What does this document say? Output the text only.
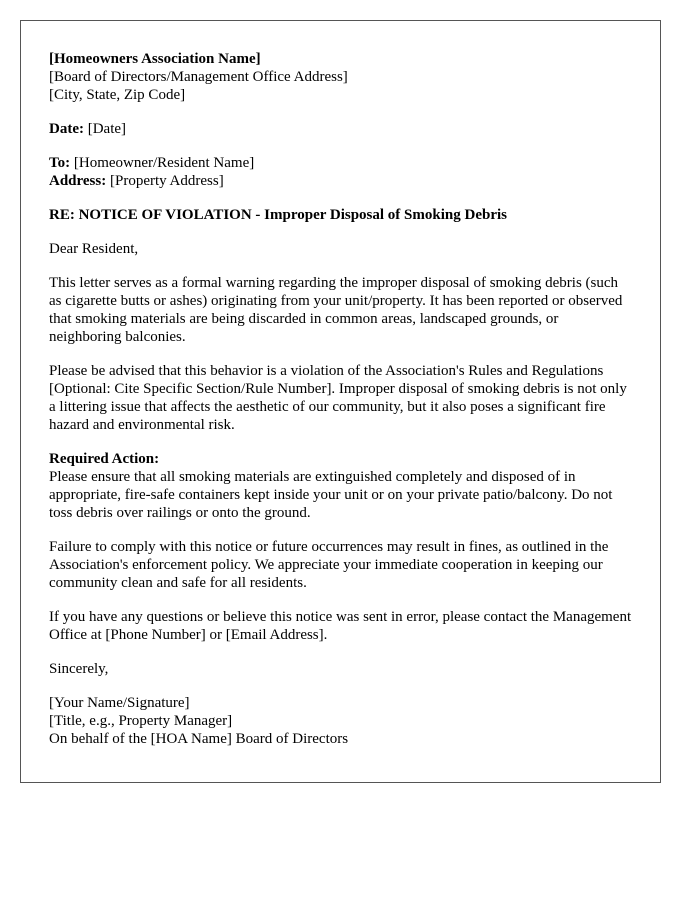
[Homeowners Association Name]
[Board of Directors/Management Office Address]
[City, State, Zip Code]
Date: [Date]
To: [Homeowner/Resident Name]
Address: [Property Address]
RE: NOTICE OF VIOLATION - Improper Disposal of Smoking Debris
Dear Resident,
This letter serves as a formal warning regarding the improper disposal of smoking debris (such as cigarette butts or ashes) originating from your unit/property. It has been reported or observed that smoking materials are being discarded in common areas, landscaped grounds, or neighboring balconies.
Please be advised that this behavior is a violation of the Association's Rules and Regulations [Optional: Cite Specific Section/Rule Number]. Improper disposal of smoking debris is not only a littering issue that affects the aesthetic of our community, but it also poses a significant fire hazard and environmental risk.
Required Action:
Please ensure that all smoking materials are extinguished completely and disposed of in appropriate, fire-safe containers kept inside your unit or on your private patio/balcony. Do not toss debris over railings or onto the ground.
Failure to comply with this notice or future occurrences may result in fines, as outlined in the Association's enforcement policy. We appreciate your immediate cooperation in keeping our community clean and safe for all residents.
If you have any questions or believe this notice was sent in error, please contact the Management Office at [Phone Number] or [Email Address].
Sincerely,
[Your Name/Signature]
[Title, e.g., Property Manager]
On behalf of the [HOA Name] Board of Directors
